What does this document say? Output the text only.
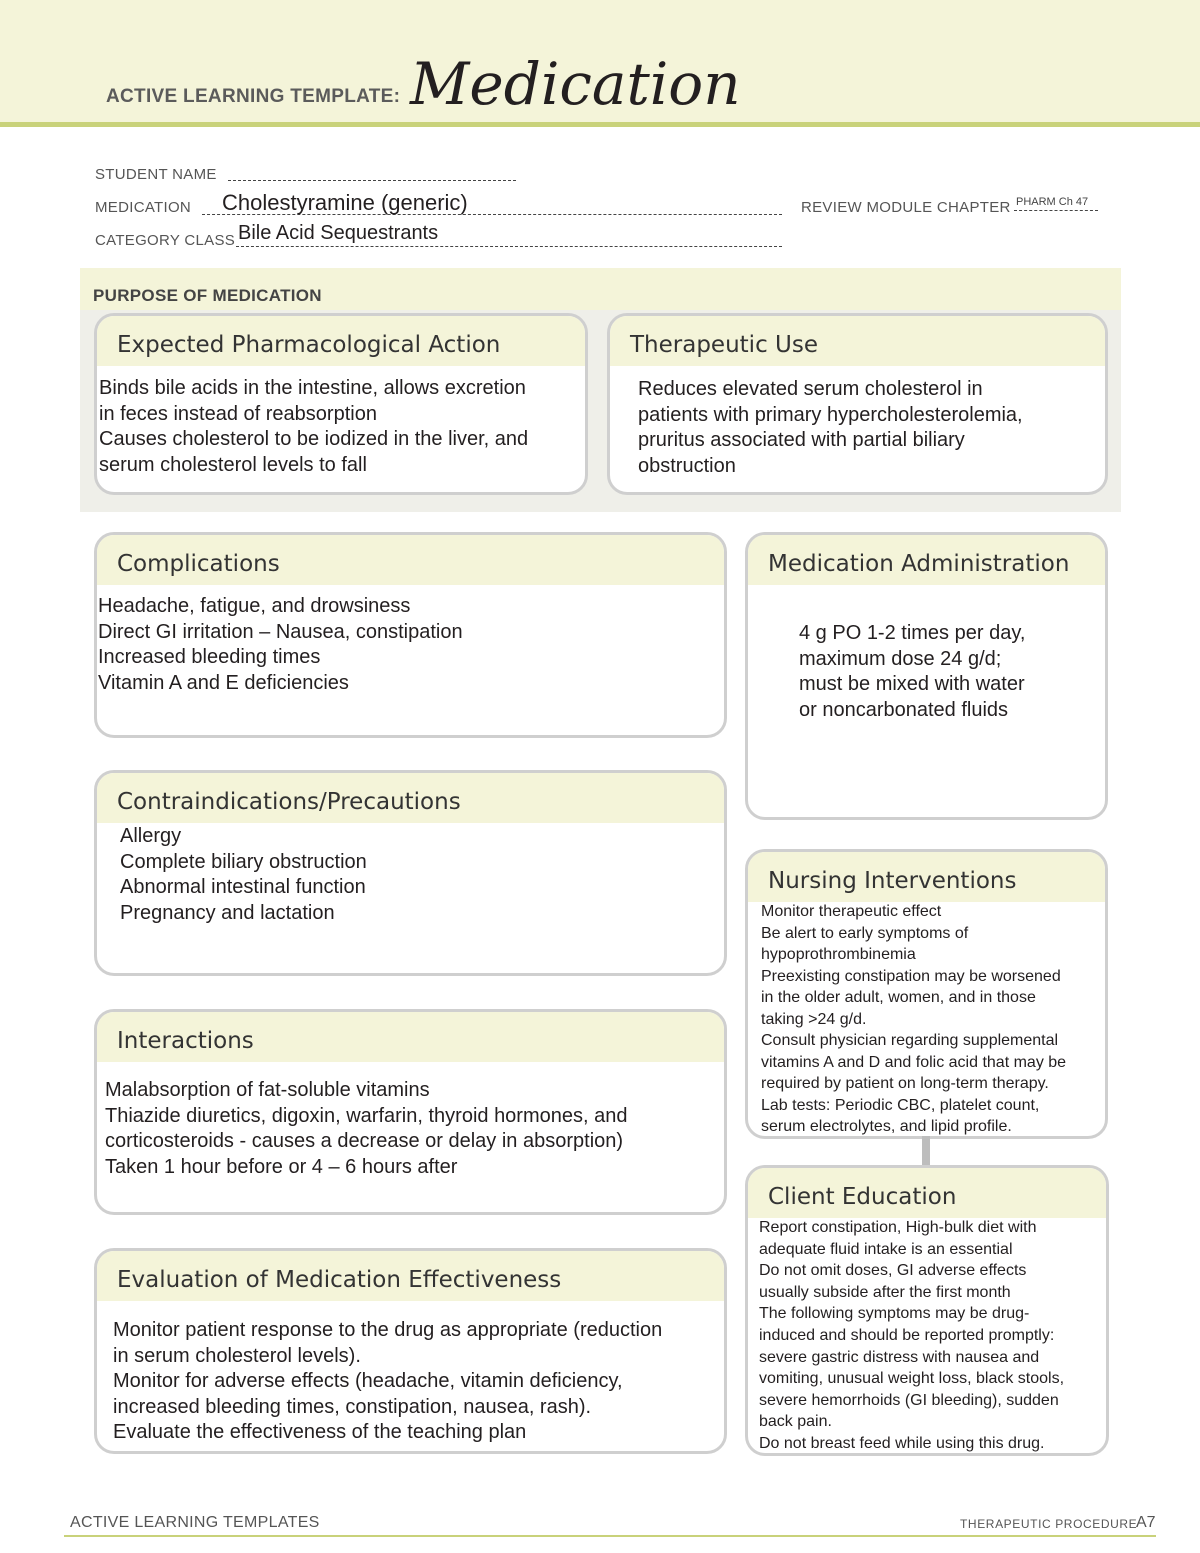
ACTIVE LEARNING TEMPLATE: Medication
STUDENT NAME
MEDICATION Cholestyramine (generic)	REVIEW MODULE CHAPTER PHARM Ch 47
CATEGORY CLASS Bile Acid Sequestrants
PURPOSE OF MEDICATION
Expected Pharmacological Action
Binds bile acids in the intestine, allows excretion
in feces instead of reabsorption
Causes cholesterol to be iodized in the liver, and
serum cholesterol levels to fall
Therapeutic Use
Reduces elevated serum cholesterol in
patients with primary hypercholesterolemia,
pruritus associated with partial biliary
obstruction
Complications
Headache, fatigue, and drowsiness
Direct GI irritation – Nausea, constipation
Increased bleeding times
Vitamin A and E deficiencies
Medication Administration
4 g PO 1-2 times per day,
maximum dose 24 g/d;
must be mixed with water
or noncarbonated fluids
Contraindications/Precautions
Allergy
Complete biliary obstruction
Abnormal intestinal function
Pregnancy and lactation
Nursing Interventions
Monitor therapeutic effect
Be alert to early symptoms of
hypoprothrombinemia
Preexisting constipation may be worsened
in the older adult, women, and in those
taking >24 g/d.
Consult physician regarding supplemental
vitamins A and D and folic acid that may be
required by patient on long-term therapy.
Lab tests: Periodic CBC, platelet count,
serum electrolytes, and lipid profile.
Interactions
Malabsorption of fat-soluble vitamins
Thiazide diuretics, digoxin, warfarin, thyroid hormones, and
corticosteroids - causes a decrease or delay in absorption)
Taken 1 hour before or 4 – 6 hours after
Client Education
Report constipation, High-bulk diet with
adequate fluid intake is an essential
Do not omit doses, GI adverse effects
usually subside after the first month
The following symptoms may be drug-
induced and should be reported promptly:
severe gastric distress with nausea and
vomiting, unusual weight loss, black stools,
severe hemorrhoids (GI bleeding), sudden
back pain.
Do not breast feed while using this drug.
Evaluation of Medication Effectiveness
Monitor patient response to the drug as appropriate (reduction
in serum cholesterol levels).
Monitor for adverse effects (headache, vitamin deficiency,
increased bleeding times, constipation, nausea, rash).
Evaluate the effectiveness of the teaching plan
ACTIVE LEARNING TEMPLATES	THERAPEUTIC PROCEDURE
A7
